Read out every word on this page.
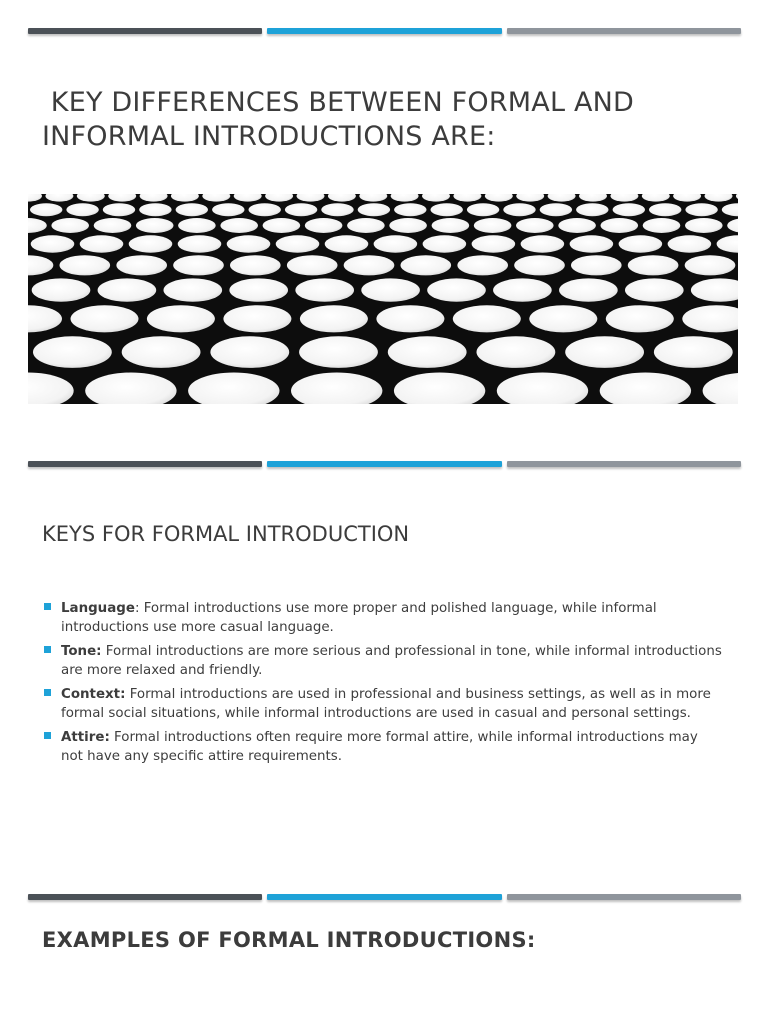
KEY DIFFERENCES BETWEEN FORMAL AND INFORMAL INTRODUCTIONS ARE:
KEYS FOR FORMAL INTRODUCTION
Language: Formal introductions use more proper and polished language, while informal introductions use more casual language.
Tone: Formal introductions are more serious and professional in tone, while informal introductions are more relaxed and friendly.
Context: Formal introductions are used in professional and business settings, as well as in more formal social situations, while informal introductions are used in casual and personal settings.
Attire: Formal introductions often require more formal attire, while informal introductions may not have any specific attire requirements.
EXAMPLES OF FORMAL INTRODUCTIONS:
